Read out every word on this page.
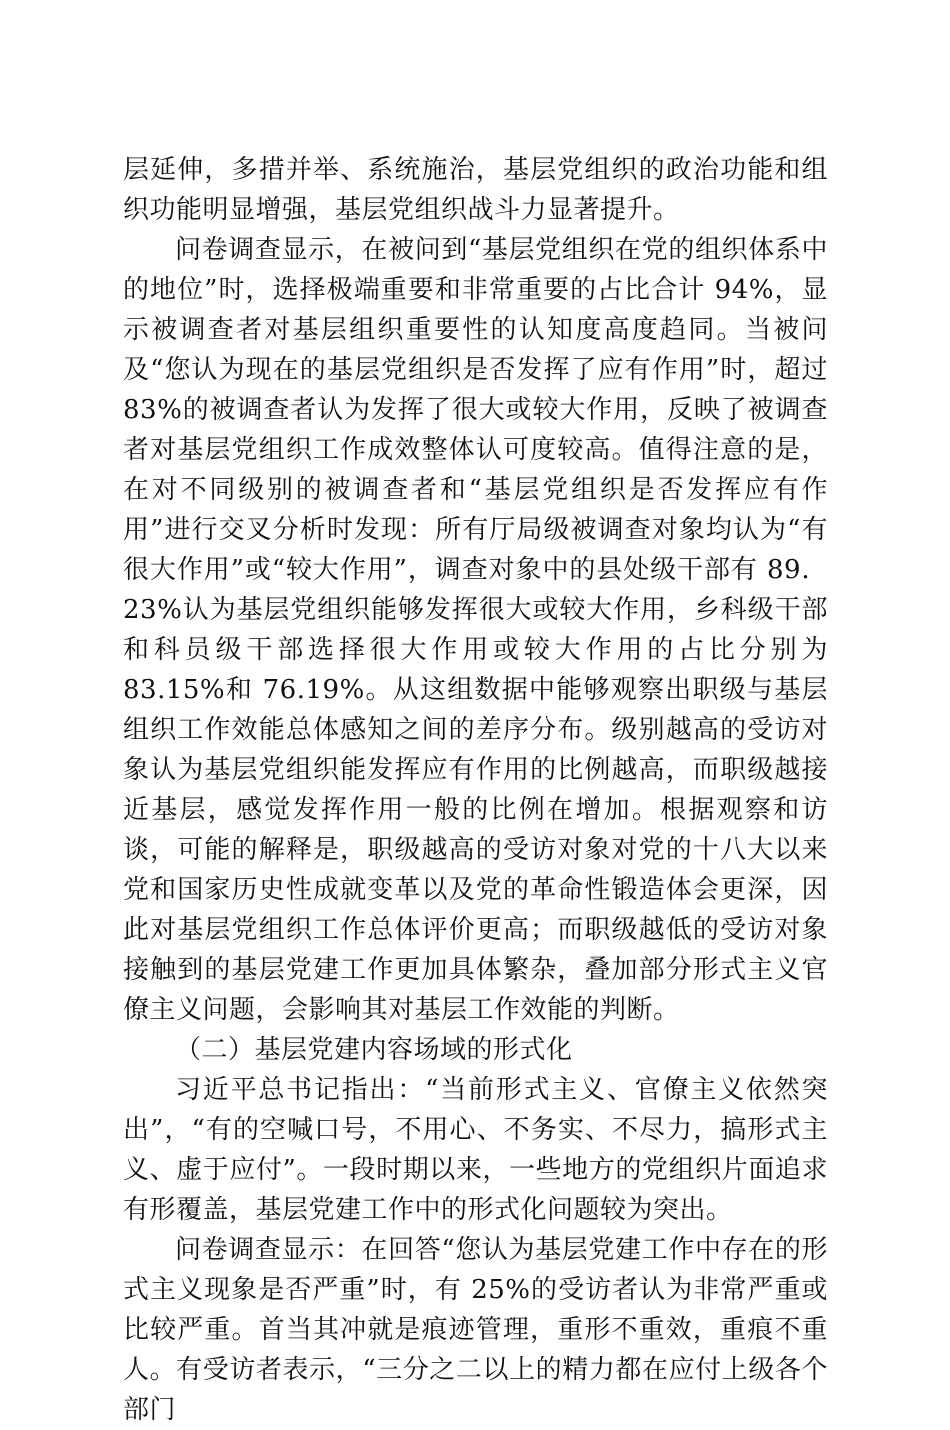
层延伸，多措并举、系统施治，基层党组织的政治功能和组织功能明显增强，基层党组织战斗力显著提升。

问卷调查显示，在被问到“基层党组织在党的组织体系中的地位”时，选择极端重要和非常重要的占比合计 94%，显示被调查者对基层组织重要性的认知度高度趋同。当被问及“您认为现在的基层党组织是否发挥了应有作用”时，超过 83%的被调查者认为发挥了很大或较大作用，反映了被调查者对基层党组织工作成效整体认可度较高。值得注意的是，在对不同级别的被调查者和“基层党组织是否发挥应有作用”进行交叉分析时发现：所有厅局级被调查对象均认为“有很大作用”或“较大作用”，调查对象中的县处级干部有 89．23%认为基层党组织能够发挥很大或较大作用，乡科级干部和科员级干部选择很大作用或较大作用的占比分别为 83.15%和 76.19%。从这组数据中能够观察出职级与基层组织工作效能总体感知之间的差序分布。级别越高的受访对象认为基层党组织能发挥应有作用的比例越高，而职级越接近基层，感觉发挥作用一般的比例在增加。根据观察和访谈，可能的解释是，职级越高的受访对象对党的十八大以来党和国家历史性成就变革以及党的革命性锻造体会更深，因此对基层党组织工作总体评价更高；而职级越低的受访对象接触到的基层党建工作更加具体繁杂，叠加部分形式主义官僚主义问题，会影响其对基层工作效能的判断。

（二）基层党建内容场域的形式化

习近平总书记指出：“当前形式主义、官僚主义依然突出”，“有的空喊口号，不用心、不务实、不尽力，搞形式主义、虚于应付”。一段时期以来，一些地方的党组织片面追求有形覆盖，基层党建工作中的形式化问题较为突出。

问卷调查显示：在回答“您认为基层党建工作中存在的形式主义现象是否严重”时，有 25%的受访者认为非常严重或比较严重。首当其冲就是痕迹管理，重形不重效，重痕不重人。有受访者表示，“三分之二以上的精力都在应付上级各个部门
